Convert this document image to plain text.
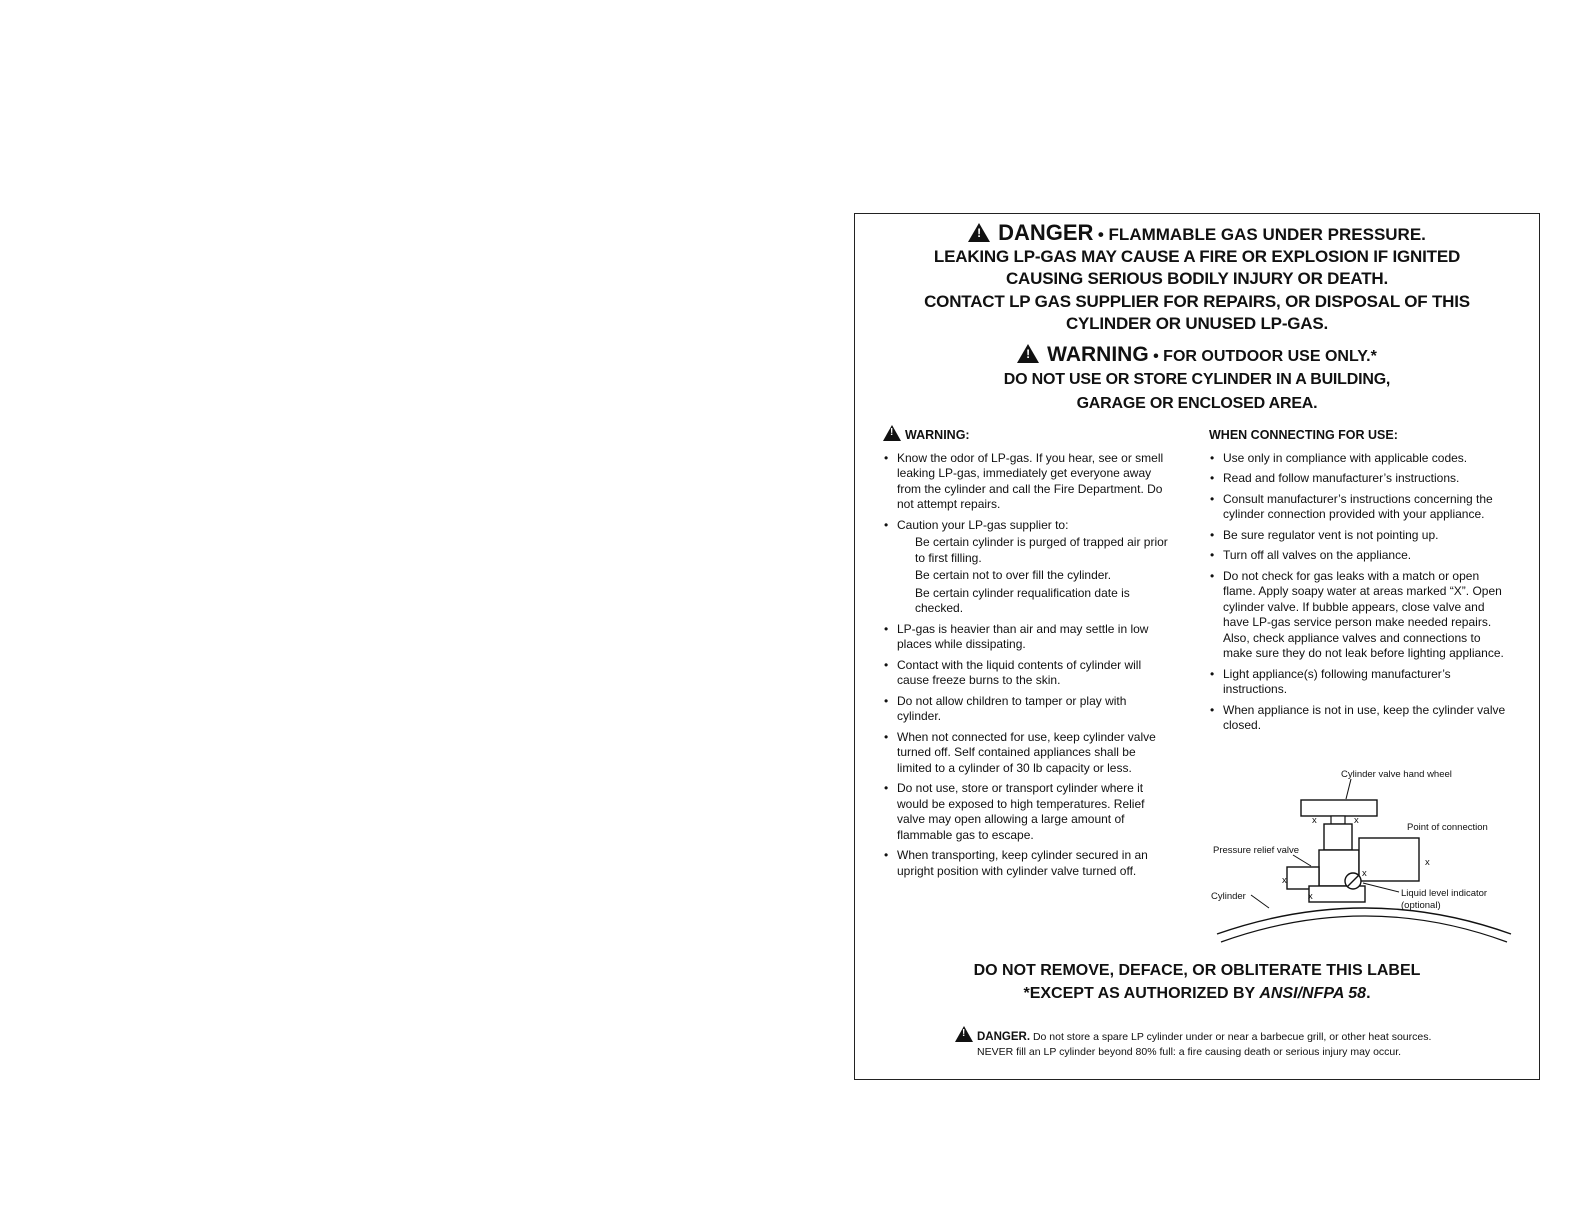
!DANGER • FLAMMABLE GAS UNDER PRESSURE.
LEAKING LP-GAS MAY CAUSE A FIRE OR EXPLOSION IF IGNITED
CAUSING SERIOUS BODILY INJURY OR DEATH.
CONTACT LP GAS SUPPLIER FOR REPAIRS, OR DISPOSAL OF THIS
CYLINDER OR UNUSED LP-GAS.
!WARNING • FOR OUTDOOR USE ONLY.*
DO NOT USE OR STORE CYLINDER IN A BUILDING,
GARAGE OR ENCLOSED AREA.
!WARNING:
• Know the odor of LP-gas. If you hear, see or smell leaking LP-gas, immediately get everyone away from the cylinder and call the Fire Department. Do not attempt repairs.
• Caution your LP-gas supplier to:
Be certain cylinder is purged of trapped air prior to first filling.
Be certain not to over fill the cylinder.
Be certain cylinder requalification date is checked.
• LP-gas is heavier than air and may settle in low places while dissipating.
• Contact with the liquid contents of cylinder will cause freeze burns to the skin.
• Do not allow children to tamper or play with cylinder.
• When not connected for use, keep cylinder valve turned off. Self contained appliances shall be limited to a cylinder of 30 lb capacity or less.
• Do not use, store or transport cylinder where it would be exposed to high temperatures. Relief valve may open allowing a large amount of flammable gas to escape.
• When transporting, keep cylinder secured in an upright position with cylinder valve turned off.
WHEN CONNECTING FOR USE:
• Use only in compliance with applicable codes.
• Read and follow manufacturer’s instructions.
• Consult manufacturer’s instructions concerning the cylinder connection provided with your appliance.
• Be sure regulator vent is not pointing up.
• Turn off all valves on the appliance.
• Do not check for gas leaks with a match or open flame. Apply soapy water at areas marked “X”. Open cylinder valve. If bubble appears, close valve and have LP-gas service person make needed repairs. Also, check appliance valves and connections to make sure they do not leak before lighting appliance.
• Light appliance(s) following manufacturer’s instructions.
• When appliance is not in use, keep the cylinder valve closed.
Cylinder valve hand wheel
Point of connection
Pressure relief valve
Cylinder	Liquid level indicator
(optional)
x	x
x
x
x
x
DO NOT REMOVE, DEFACE, OR OBLITERATE THIS LABEL
*EXCEPT AS AUTHORIZED BY ANSI/NFPA 58.
!DANGER. Do not store a spare LP cylinder under or near a barbecue grill, or other heat sources.
NEVER fill an LP cylinder beyond 80% full: a fire causing death or serious injury may occur.
